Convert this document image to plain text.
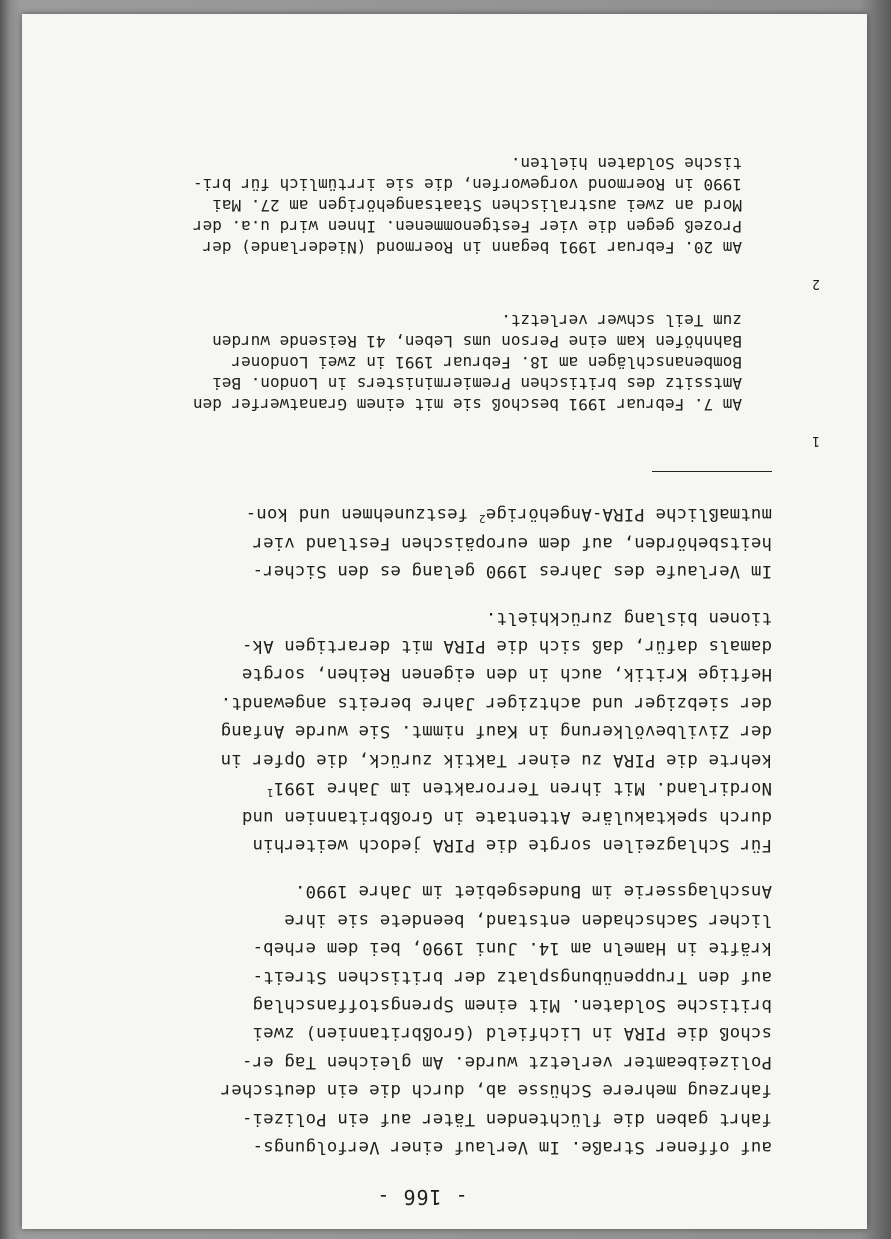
- 166 -

auf offener Straße. Im Verlauf einer Verfolgungs-
fahrt gaben die flüchtenden Täter auf ein Polizei-
fahrzeug mehrere Schüsse ab, durch die ein deutscher
Polizeibeamter verletzt wurde. Am gleichen Tag er-
schoß die PIRA in Lichfield (Großbritannien) zwei
britische Soldaten. Mit einem Sprengstoffanschlag
auf den Truppenübungsplatz der britischen Streit-
kräfte in Hameln am 14. Juni 1990, bei dem erheb-
licher Sachschaden entstand, beendete sie ihre
Anschlagsserie im Bundesgebiet im Jahre 1990.

Für Schlagzeilen sorgte die PIRA jedoch weiterhin
durch spektakuläre Attentate in Großbritannien und
Nordirland. Mit ihren Terrorakten im Jahre 1991$^1$
kehrte die PIRA zu einer Taktik zurück, die Opfer in
der Zivilbevölkerung in Kauf nimmt. Sie wurde Anfang
der siebziger und achtziger Jahre bereits angewandt.
Heftige Kritik, auch in den eigenen Reihen, sorgte
damals dafür, daß sich die PIRA mit derartigen Ak-
tionen bislang zurückhielt.

Im Verlaufe des Jahres 1990 gelang es den Sicher-
heitsbehörden, auf dem europäischen Festland vier
mutmaßliche PIRA-Angehörige$^2$ festzunehmen und kon-

1

Am 7. Februar 1991 beschoß sie mit einem Granatwerfer den
Amtssitz des britischen Premierministers in London. Bei
Bombenanschlägen am 18. Februar 1991 in zwei Londoner
Bahnhöfen kam eine Person ums Leben, 41 Reisende wurden
zum Teil schwer verletzt.

2

Am 20. Februar 1991 begann in Roermond (Niederlande) der
Prozeß gegen die vier Festgenommenen. Ihnen wird u.a. der
Mord an zwei australischen Staatsangehörigen am 27. Mai
1990 in Roermond vorgeworfen, die sie irrtümlich für bri-
tische Soldaten hielten.
